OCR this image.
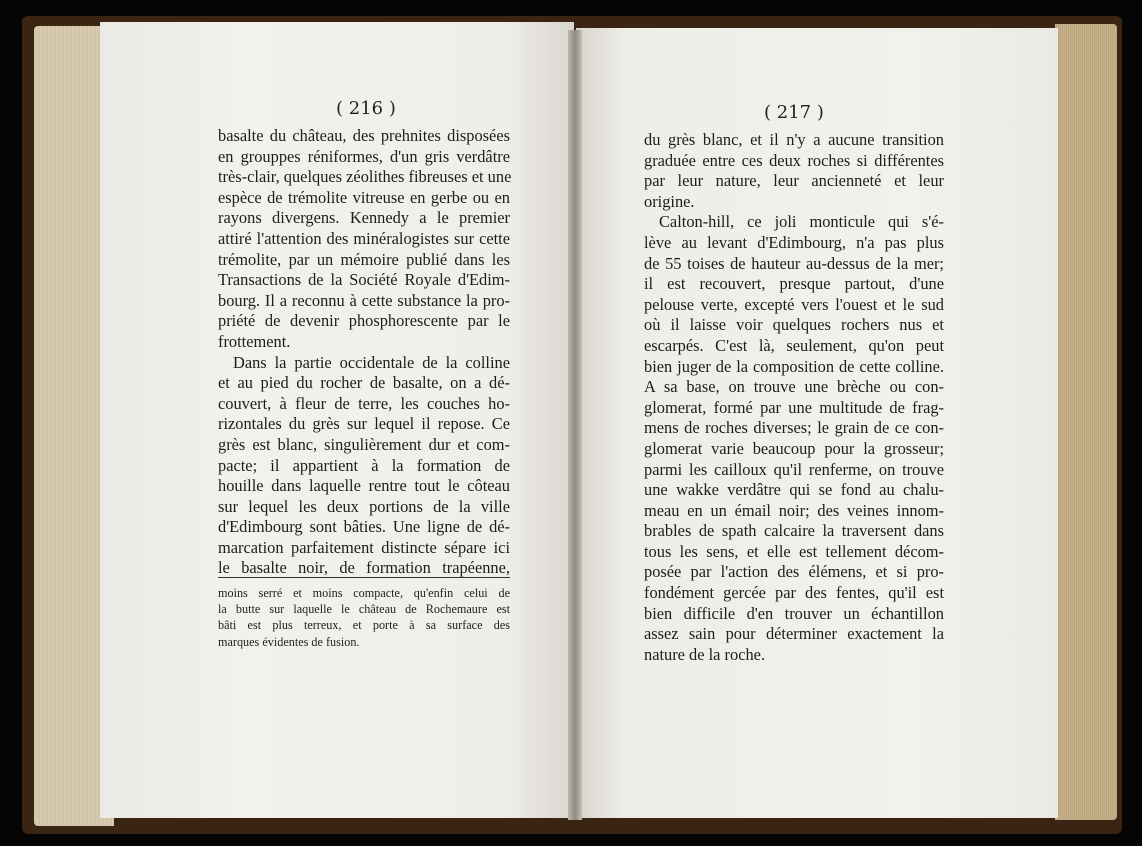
( 216 )
basalte du château, des prehnites disposées
en grouppes réniformes, d'un gris verdâtre
très-clair, quelques zéolithes fibreuses et une
espèce de trémolite vitreuse en gerbe ou en
rayons divergens. Kennedy a le premier
attiré l'attention des minéralogistes sur cette
trémolite, par un mémoire publié dans les
Transactions de la Société Royale d'Edim-
bourg. Il a reconnu à cette substance la pro-
priété de devenir phosphorescente par le
frottement.
Dans la partie occidentale de la colline
et au pied du rocher de basalte, on a dé-
couvert, à fleur de terre, les couches ho-
rizontales du grès sur lequel il repose. Ce
grès est blanc, singulièrement dur et com-
pacte; il appartient à la formation de
houille dans laquelle rentre tout le côteau
sur lequel les deux portions de la ville
d'Edimbourg sont bâties. Une ligne de dé-
marcation parfaitement distincte sépare ici
le basalte noir, de formation trapéenne,
moins serré et moins compacte, qu'enfin celui de
la butte sur laquelle le château de Rochemaure est
bâti est plus terreux, et porte à sa surface des
marques évidentes de fusion.
( 217 )
du grès blanc, et il n'y a aucune transition
graduée entre ces deux roches si différentes
par leur nature, leur ancienneté et leur
origine.
Calton-hill, ce joli monticule qui s'é-
lève au levant d'Edimbourg, n'a pas plus
de 55 toises de hauteur au-dessus de la mer;
il est recouvert, presque partout, d'une
pelouse verte, excepté vers l'ouest et le sud
où il laisse voir quelques rochers nus et
escarpés. C'est là, seulement, qu'on peut
bien juger de la composition de cette colline.
A sa base, on trouve une brèche ou con-
glomerat, formé par une multitude de frag-
mens de roches diverses; le grain de ce con-
glomerat varie beaucoup pour la grosseur;
parmi les cailloux qu'il renferme, on trouve
une wakke verdâtre qui se fond au chalu-
meau en un émail noir; des veines innom-
brables de spath calcaire la traversent dans
tous les sens, et elle est tellement décom-
posée par l'action des élémens, et si pro-
fondément gercée par des fentes, qu'il est
bien difficile d'en trouver un échantillon
assez sain pour déterminer exactement la
nature de la roche.
